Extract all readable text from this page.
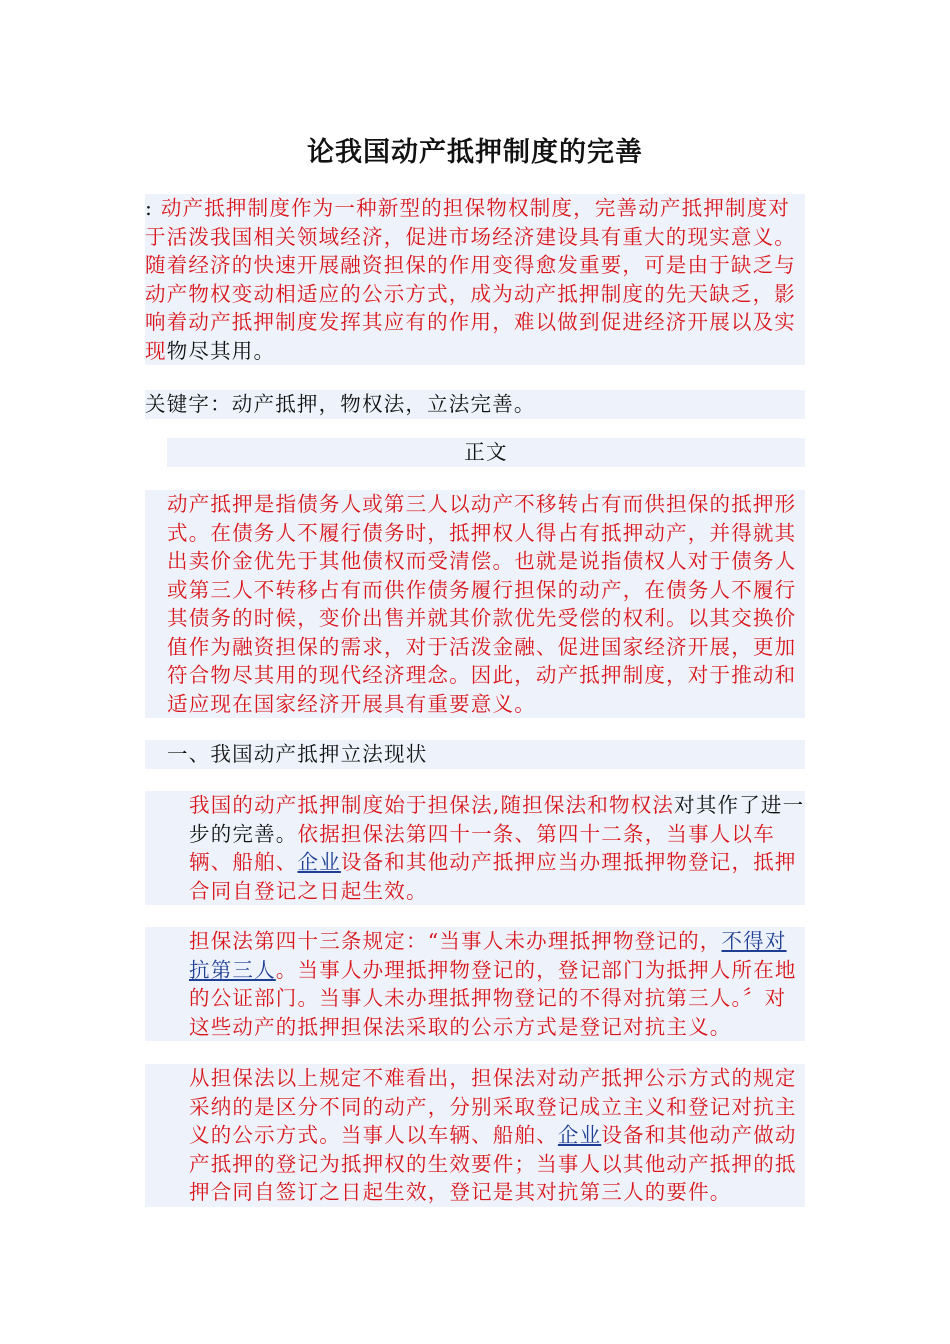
论我国动产抵押制度的完善

: 动产抵押制度作为一种新型的担保物权制度，完善动产抵押制度对于活泼我国相关领域经济，促进市场经济建设具有重大的现实意义。随着经济的快速开展融资担保的作用变得愈发重要，可是由于缺乏与动产物权变动相适应的公示方式，成为动产抵押制度的先天缺乏，影响着动产抵押制度发挥其应有的作用，难以做到促进经济开展以及实现物尽其用。

关键字：动产抵押，物权法，立法完善。

正文

动产抵押是指债务人或第三人以动产不移转占有而供担保的抵押形式。在债务人不履行债务时，抵押权人得占有抵押动产，并得就其出卖价金优先于其他债权而受清偿。也就是说指债权人对于债务人或第三人不转移占有而供作债务履行担保的动产，在债务人不履行其债务的时候，变价出售并就其价款优先受偿的权利。以其交换价值作为融资担保的需求，对于活泼金融、促进国家经济开展，更加符合物尽其用的现代经济理念。因此，动产抵押制度，对于推动和适应现在国家经济开展具有重要意义。

一、我国动产抵押立法现状

我国的动产抵押制度始于担保法,随担保法和物权法对其作了进一步的完善。依据担保法第四十一条、第四十二条，当事人以车辆、船舶、企业设备和其他动产抵押应当办理抵押物登记，抵押合同自登记之日起生效。

担保法第四十三条规定：“当事人未办理抵押物登记的，不得对抗第三人。当事人办理抵押物登记的，登记部门为抵押人所在地的公证部门。当事人未办理抵押物登记的不得对抗第三人。〞对这些动产的抵押担保法采取的公示方式是登记对抗主义。

从担保法以上规定不难看出，担保法对动产抵押公示方式的规定采纳的是区分不同的动产，分别采取登记成立主义和登记对抗主义的公示方式。当事人以车辆、船舶、企业设备和其他动产做动产抵押的登记为抵押权的生效要件；当事人以其他动产抵押的抵押合同自签订之日起生效，登记是其对抗第三人的要件。
